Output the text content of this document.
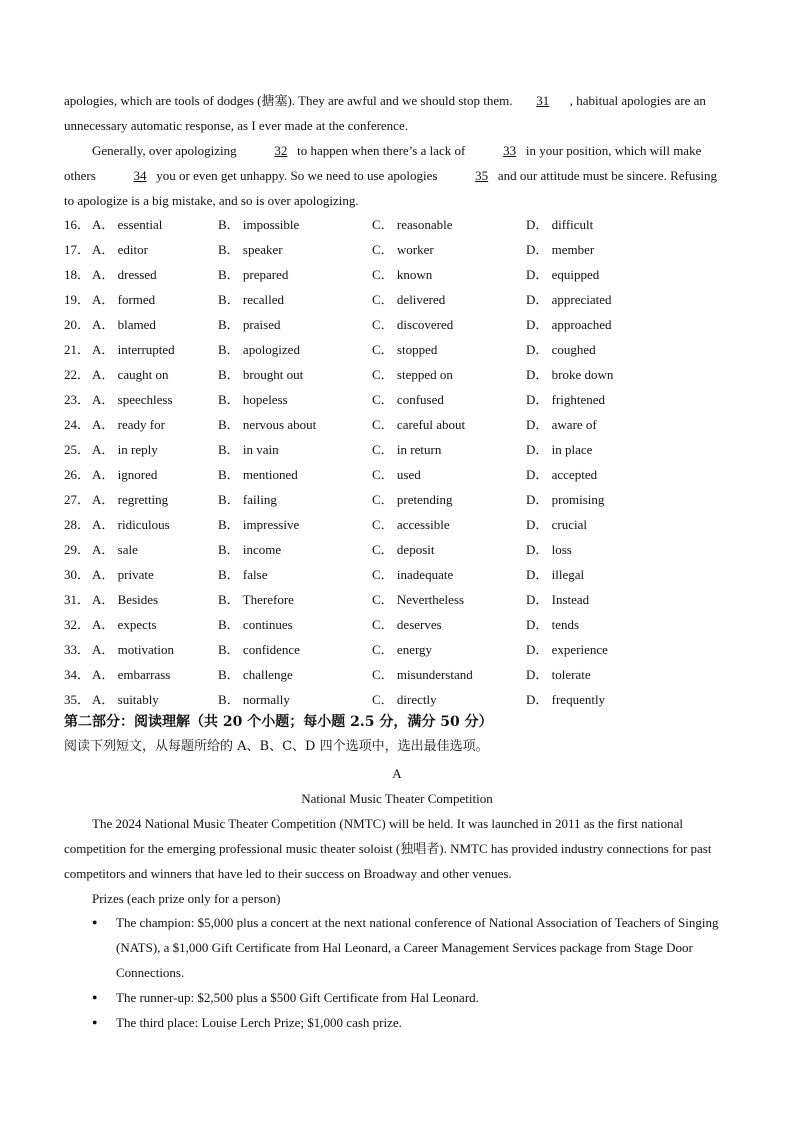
apologies, which are tools of dodges (搪塞). They are awful and we should stop them. 31 , habitual apologies are an unnecessary automatic response, as I ever made at the conference.

Generally, over apologizing	32 to happen when there’s a lack of	33 in your position, which will make others	34 you or even get unhappy. So we need to use apologies	35 and our attitude must be sincere. Refusing to apologize is a big mistake, and so is over apologizing.

16． A． essential	B． impossible	C． reasonable	D． difficult
17． A． editor	B． speaker	C． worker	D． member
18． A． dressed	B． prepared	C． known	D． equipped
19． A． formed	B． recalled	C． delivered	D． appreciated
20． A． blamed	B． praised	C． discovered	D． approached
21． A． interrupted	B． apologized	C． stopped	D． coughed
22． A． caught on	B． brought out	C． stepped on	D． broke down
23． A． speechless	B． hopeless	C． confused	D． frightened
24． A． ready for	B． nervous about	C． careful about	D． aware of
25． A． in reply	B． in vain	C． in return	D． in place
26． A． ignored	B． mentioned	C． used	D． accepted
27． A． regretting	B． failing	C． pretending	D． promising
28． A． ridiculous	B． impressive	C． accessible	D． crucial
29． A． sale	B． income	C． deposit	D． loss
30． A． private	B． false	C． inadequate	D． illegal
31． A． Besides	B． Therefore	C． Nevertheless	D． Instead
32． A． expects	B． continues	C． deserves	D． tends
33． A． motivation	B． confidence	C． energy	D． experience
34． A． embarrass	B． challenge	C． misunderstand	D． tolerate
35． A． suitably	B． normally	C． directly	D． frequently
第二部分：阅读理解（共 20 个小题；每小题 2.5 分，满分 50 分）
阅读下列短文，从每题所给的 A、B、C、D 四个选项中，选出最佳选项。
A
National Music Theater Competition
The 2024 National Music Theater Competition (NMTC) will be held. It was launched in 2011 as the first national competition for the emerging professional music theater soloist (独唱者). NMTC has provided industry connections for past competitors and winners that have led to their success on Broadway and other venues.
Prizes (each prize only for a person)
● The champion: $5,000 plus a concert at the next national conference of National Association of Teachers of Singing (NATS), a $1,000 Gift Certificate from Hal Leonard, a Career Management Services package from Stage Door Connections.
● The runner-up: $2,500 plus a $500 Gift Certificate from Hal Leonard.
● The third place: Louise Lerch Prize; $1,000 cash prize.
